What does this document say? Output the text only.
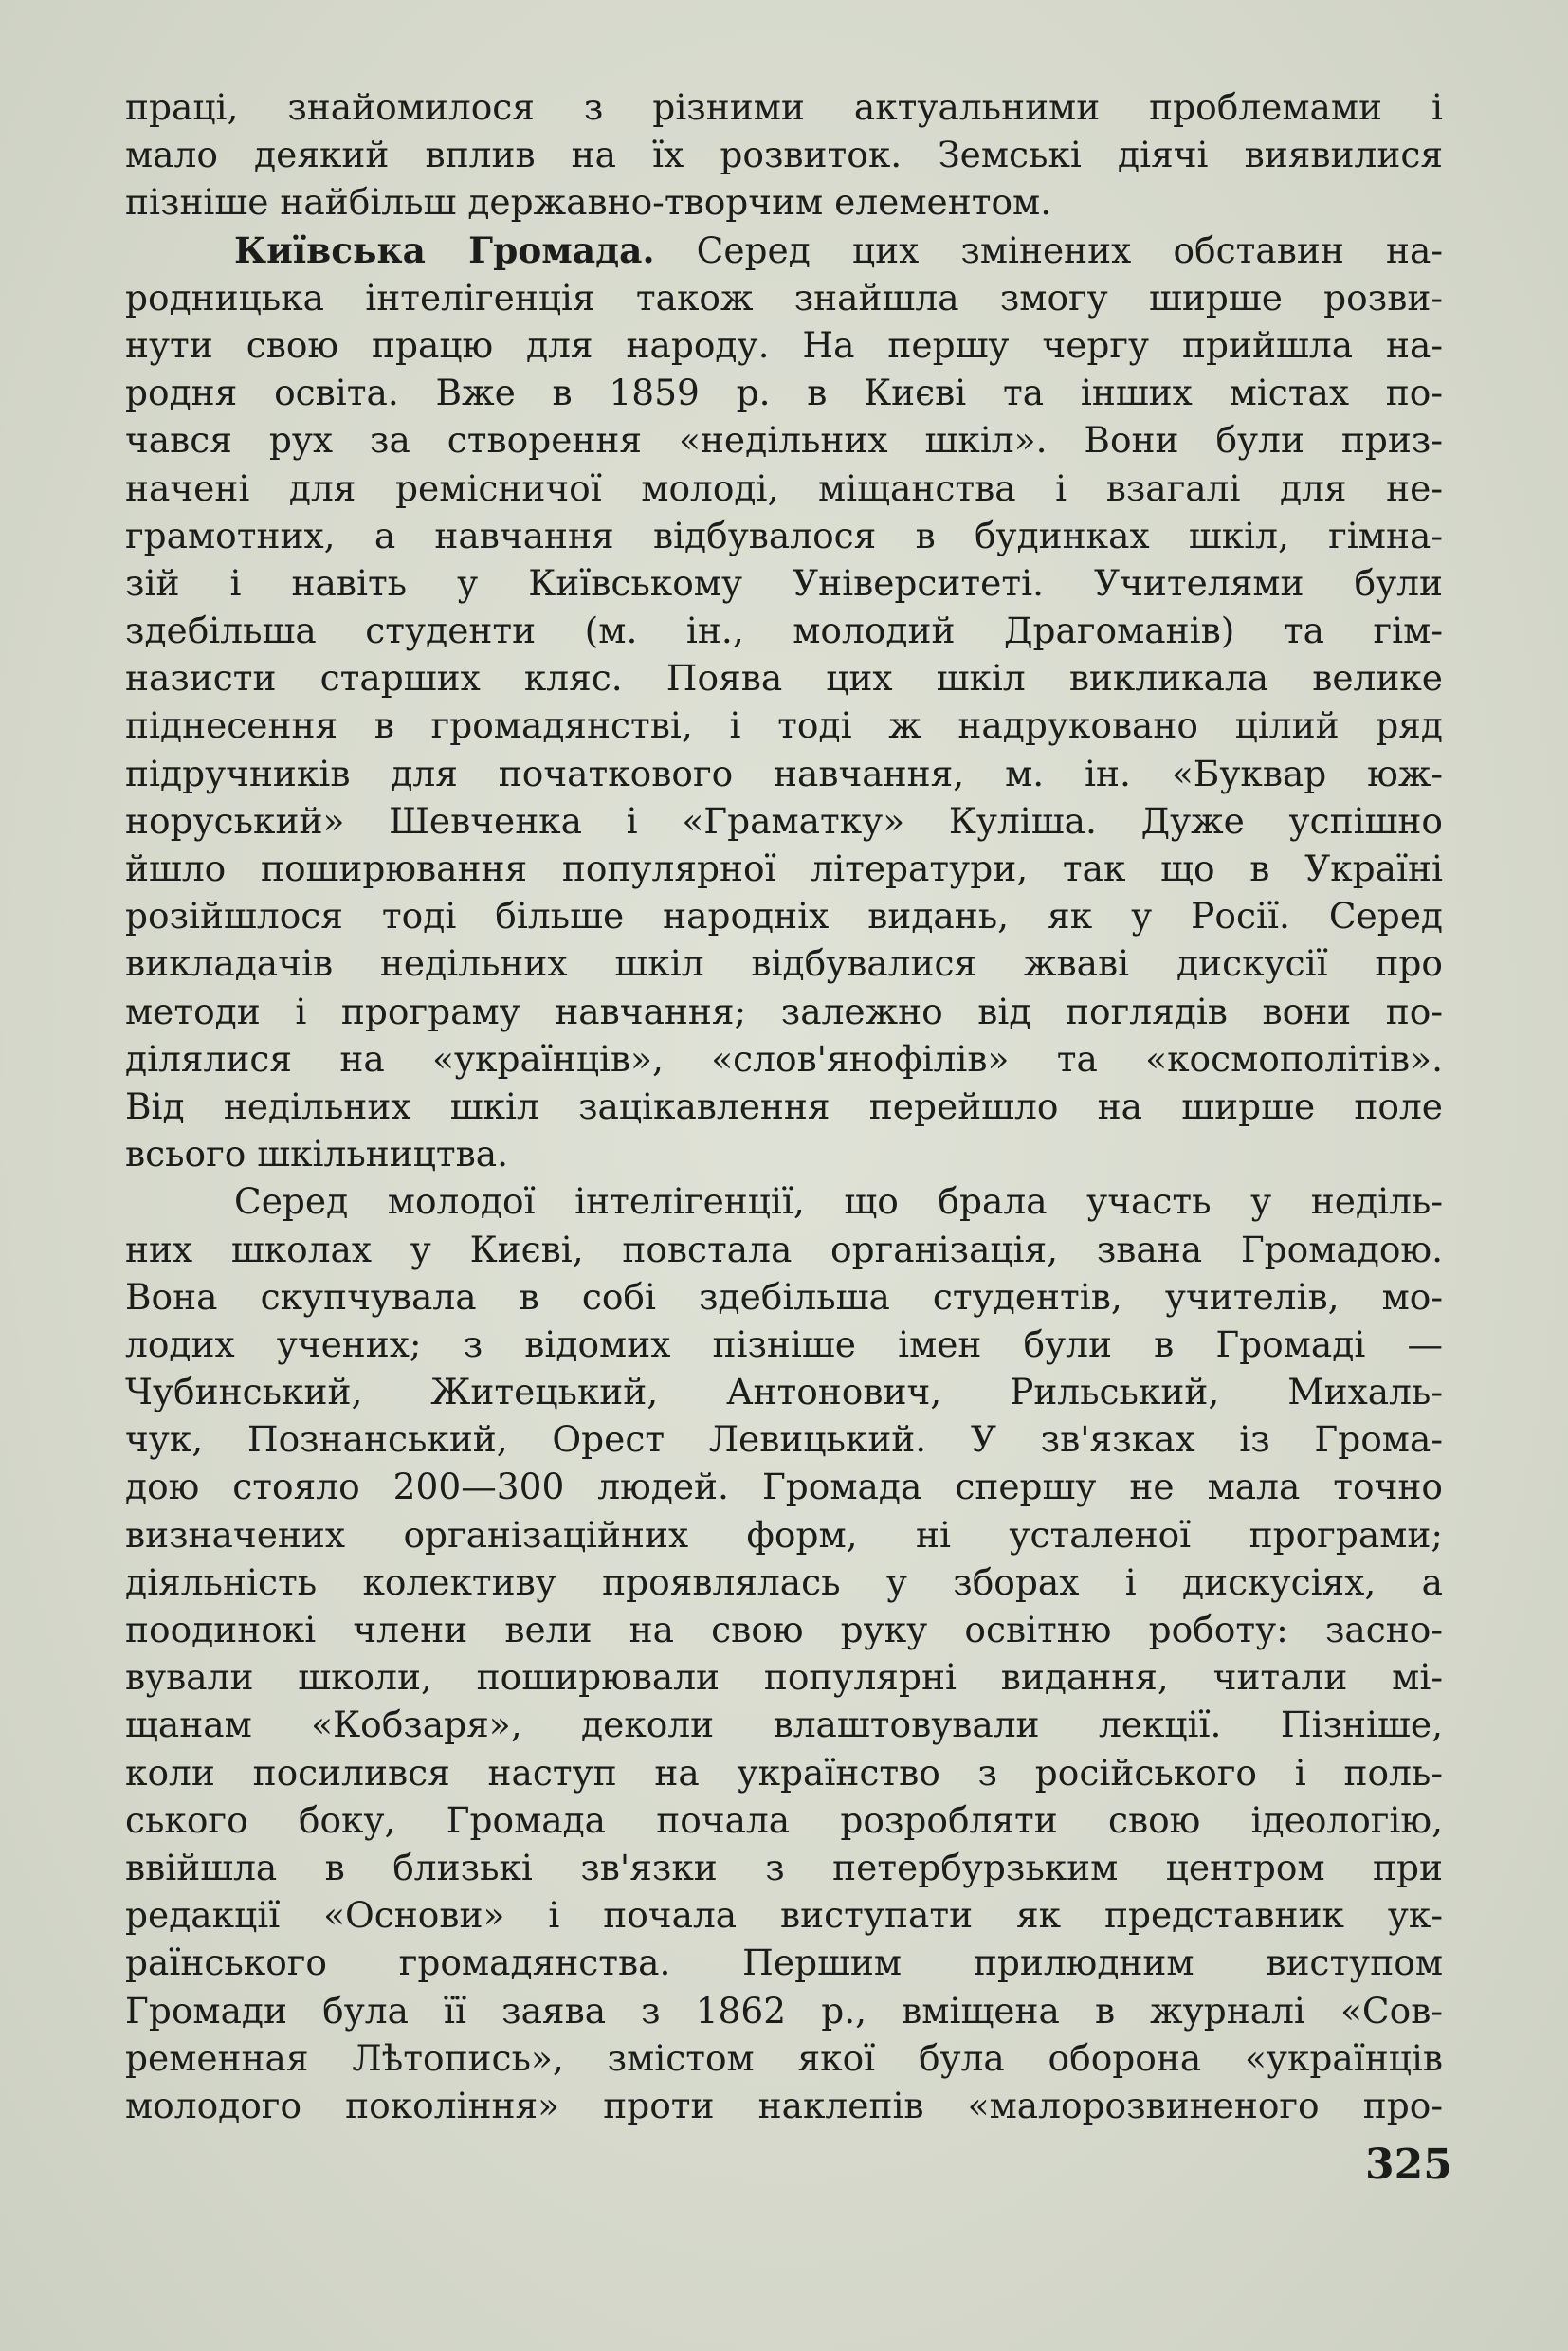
праці, знайомилося з різними актуальними проблемами і
мало деякий вплив на їх розвиток. Земські діячі виявилися
пізніше найбільш державно-творчим елементом.
Київська Громада. Серед цих змінених обставин на-
родницька інтелігенція також знайшла змогу ширше розви-
нути свою працю для народу. На першу чергу прийшла на-
родня освіта. Вже в 1859 р. в Києві та інших містах по-
чався рух за створення «недільних шкіл». Вони були приз-
начені для ремісничої молоді, міщанства і взагалі для не-
грамотних, а навчання відбувалося в будинках шкіл, гімна-
зій і навіть у Київському Університеті. Учителями були
здебільша студенти (м. ін., молодий Драгоманів) та гім-
назисти старших кляс. Поява цих шкіл викликала велике
піднесення в громадянстві, і тоді ж надруковано цілий ряд
підручників для початкового навчання, м. ін. «Буквар юж-
норуський» Шевченка і «Граматку» Куліша. Дуже успішно
йшло поширювання популярної літератури, так що в Україні
розійшлося тоді більше народніх видань, як у Росії. Серед
викладачів недільних шкіл відбувалися жваві дискусії про
методи і програму навчання; залежно від поглядів вони по-
ділялися на «українців», «слов'янофілів» та «космополітів».
Від недільних шкіл зацікавлення перейшло на ширше поле
всього шкільництва.
Серед молодої інтелігенції, що брала участь у неділь-
них школах у Києві, повстала організація, звана Громадою.
Вона скупчувала в собі здебільша студентів, учителів, мо-
лодих учених; з відомих пізніше імен були в Громаді —
Чубинський, Житецький, Антонович, Рильський, Михаль-
чук, Познанський, Орест Левицький. У зв'язках із Грома-
дою стояло 200—300 людей. Громада спершу не мала точно
визначених організаційних форм, ні усталеної програми;
діяльність колективу проявлялась у зборах і дискусіях, а
поодинокі члени вели на свою руку освітню роботу: засно-
вували школи, поширювали популярні видання, читали мі-
щанам «Кобзаря», деколи влаштовували лекції. Пізніше,
коли посилився наступ на українство з російського і поль-
ського боку, Громада почала розробляти свою ідеологію,
ввійшла в близькі зв'язки з петербурзьким центром при
редакції «Основи» і почала виступати як представник ук-
раїнського громадянства. Першим прилюдним виступом
Громади була її заява з 1862 р., вміщена в журналі «Сов-
ременная Лѣтопись», змістом якої була оборона «українців
молодого покоління» проти наклепів «малорозвиненого про-
325
